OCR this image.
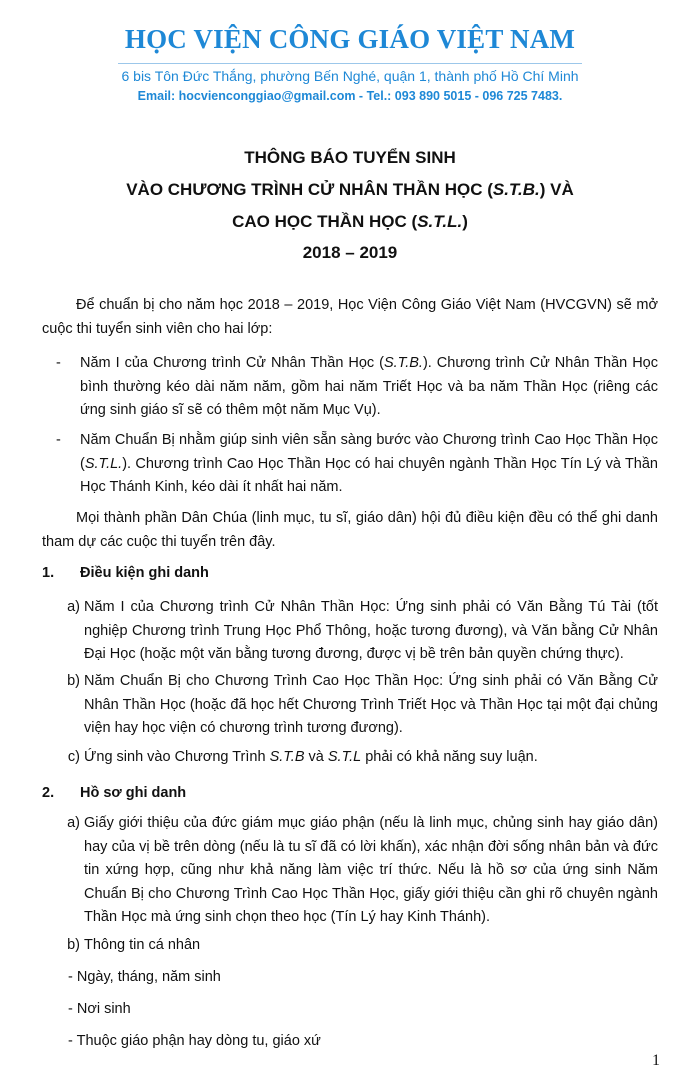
HỌC VIỆN CÔNG GIÁO VIỆT NAM
6 bis Tôn Đức Thắng, phường Bến Nghé, quận 1, thành phố Hồ Chí Minh
Email: hocvienconggiao@gmail.com - Tel.: 093 890 5015 - 096 725 7483.
THÔNG BÁO TUYỂN SINH
VÀO CHƯƠNG TRÌNH CỬ NHÂN THẦN HỌC (S.T.B.) VÀ
CAO HỌC THẦN HỌC (S.T.L.)
2018 – 2019
Để chuẩn bị cho năm học 2018 – 2019, Học Viện Công Giáo Việt Nam (HVCGVN) sẽ mở cuộc thi tuyển sinh viên cho hai lớp:
- Năm I của Chương trình Cử Nhân Thần Học (S.T.B.). Chương trình Cử Nhân Thần Học bình thường kéo dài năm năm, gồm hai năm Triết Học và ba năm Thần Học (riêng các ứng sinh giáo sĩ sẽ có thêm một năm Mục Vụ).
- Năm Chuẩn Bị nhằm giúp sinh viên sẵn sàng bước vào Chương trình Cao Học Thần Học (S.T.L.). Chương trình Cao Học Thần Học có hai chuyên ngành Thần Học Tín Lý và Thần Học Thánh Kinh, kéo dài ít nhất hai năm.
Mọi thành phần Dân Chúa (linh mục, tu sĩ, giáo dân) hội đủ điều kiện đều có thể ghi danh tham dự các cuộc thi tuyển trên đây.
1. Điều kiện ghi danh
a) Năm I của Chương trình Cử Nhân Thần Học: Ứng sinh phải có Văn Bằng Tú Tài (tốt nghiệp Chương trình Trung Học Phổ Thông, hoặc tương đương), và Văn bằng Cử Nhân Đại Học (hoặc một văn bằng tương đương, được vị bề trên bản quyền chứng thực).
b) Năm Chuẩn Bị cho Chương Trình Cao Học Thần Học: Ứng sinh phải có Văn Bằng Cử Nhân Thần Học (hoặc đã học hết Chương Trình Triết Học và Thần Học tại một đại chủng viện hay học viện có chương trình tương đương).
c) Ứng sinh vào Chương Trình S.T.B và S.T.L phải có khả năng suy luận.
2. Hồ sơ ghi danh
a) Giấy giới thiệu của đức giám mục giáo phận (nếu là linh mục, chủng sinh hay giáo dân) hay của vị bề trên dòng (nếu là tu sĩ đã có lời khấn), xác nhận đời sống nhân bản và đức tin xứng hợp, cũng như khả năng làm việc trí thức. Nếu là hồ sơ của ứng sinh Năm Chuẩn Bị cho Chương Trình Cao Học Thần Học, giấy giới thiệu cần ghi rõ chuyên ngành Thần Học mà ứng sinh chọn theo học (Tín Lý hay Kinh Thánh).
b) Thông tin cá nhân
- Ngày, tháng, năm sinh
- Nơi sinh
- Thuộc giáo phận hay dòng tu, giáo xứ
1
